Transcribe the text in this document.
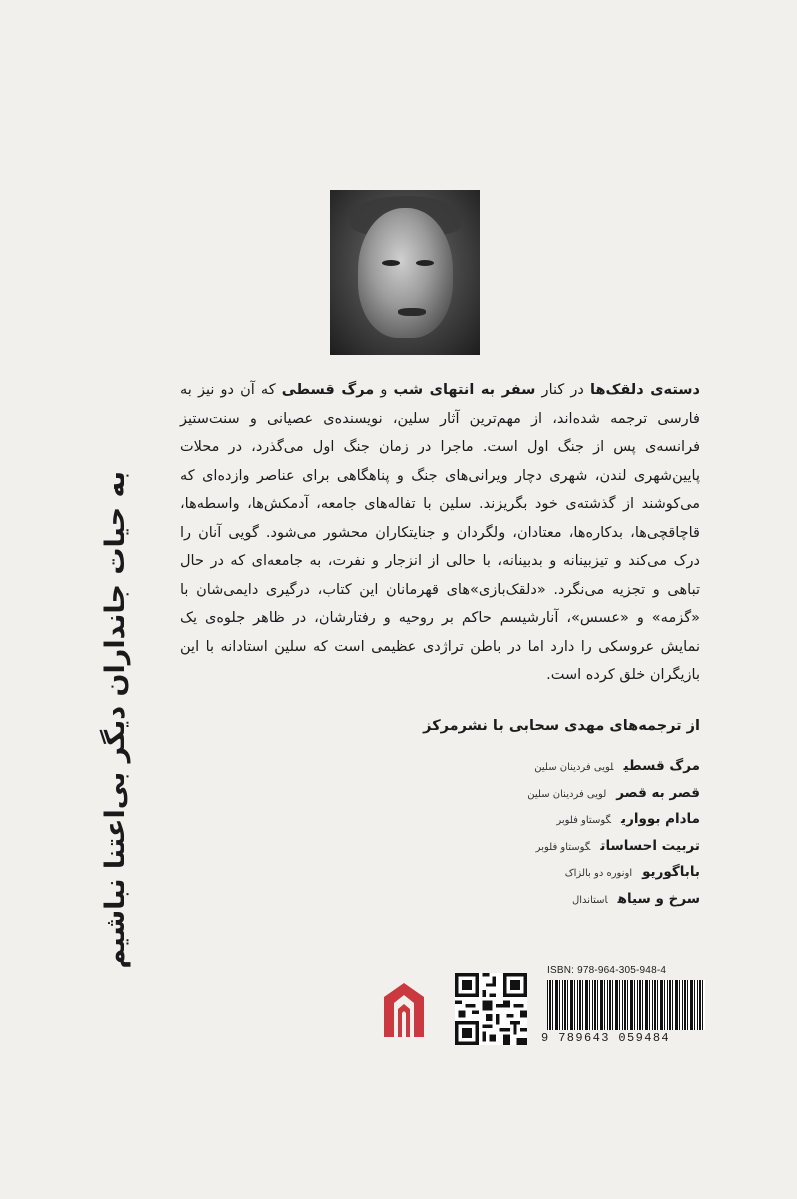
به حیات جانداران دیگر بی‌اعتنا نباشیم
دسته‌ی دلقک‌ها در کنار سفر به انتهای شب و مرگ قسطی که آن دو نیز به فارسی ترجمه شده‌اند، از مهم‌ترین آثار سلین، نویسنده‌ی عصیانی و سنت‌ستیز فرانسه‌ی پس از جنگ اول است. ماجرا در زمان جنگ اول می‌گذرد، در محلات پایین‌شهری لندن، شهری دچار ویرانی‌های جنگ و پناهگاهی برای عناصر وازده‌ای که می‌کوشند از گذشته‌ی خود بگریزند. سلین با تفاله‌های جامعه، آدمکش‌ها، واسطه‌ها، قاچاقچی‌ها، بدکاره‌ها، معتادان، ولگردان و جنایتکاران محشور می‌شود. گویی آنان را درک می‌کند و تیزبینانه و بدبینانه، با حالی از انزجار و نفرت، به جامعه‌ای که در حال تباهی و تجزیه می‌نگرد. «دلقک‌بازی»های قهرمانان این کتاب، درگیری دایمی‌شان با «گزمه» و «عسس»، آنارشیسم حاکم بر روحیه و رفتارشان، در ظاهر جلوه‌ی یک نمایش عروسکی را دارد اما در باطن تراژدی عظیمی است که سلین استادانه با این بازیگران خلق کرده است.
از ترجمه‌های مهدی سحابی با نشرمرکز
مرگ قسطیلویی فردینان سلین
قصر به قصرلویی فردینان سلین
مادام بوواریگوستاو فلوبر
تربیت احساساتگوستاو فلوبر
باباگوریواونوره دو بالزاک
سرخ و سیاهاستاندال
ISBN: 978-964-305-948-4
9 789643 059484
